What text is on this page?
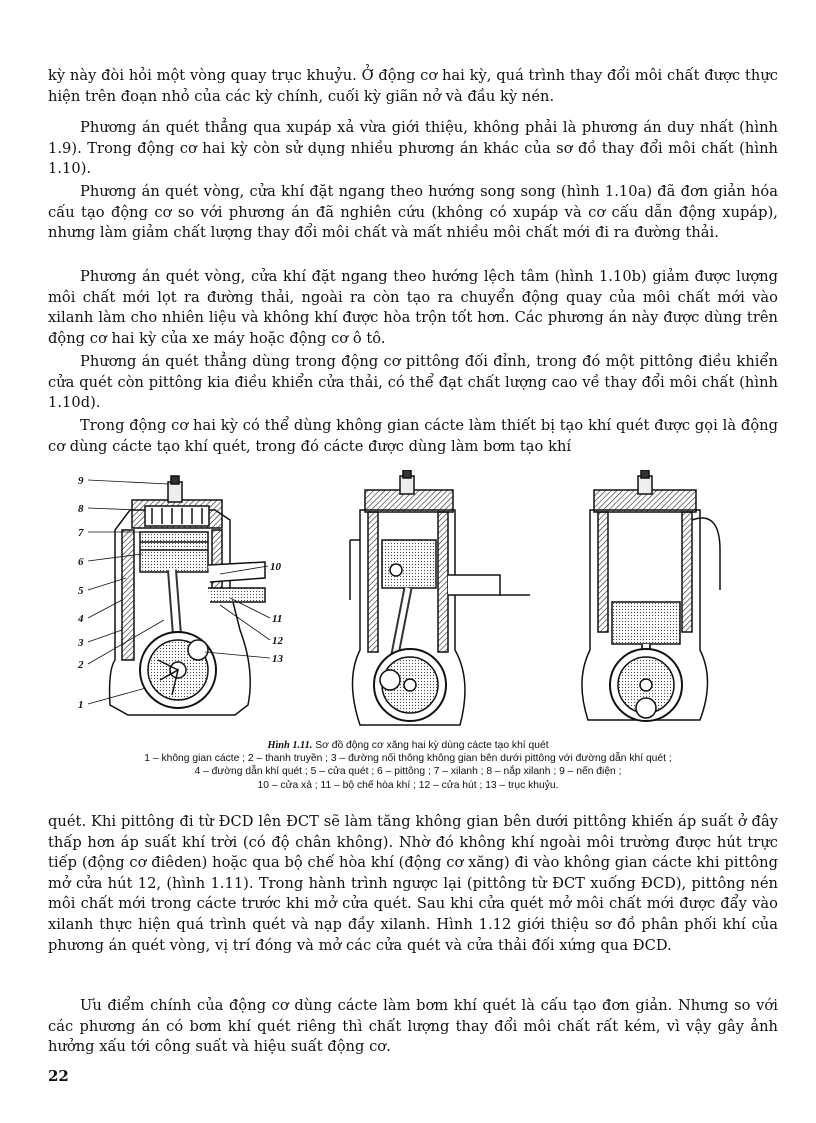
kỳ này đòi hỏi một vòng quay trục khuỷu. Ở động cơ hai kỳ, quá trình thay đổi môi chất được thực hiện trên đoạn nhỏ của các kỳ chính, cuối kỳ giãn nở và đầu kỳ nén.

Phương án quét thẳng qua xupáp xả vừa giới thiệu, không phải là phương án duy nhất (hình 1.9). Trong động cơ hai kỳ còn sử dụng nhiều phương án khác của sơ đồ thay đổi môi chất (hình 1.10).

Phương án quét vòng, cửa khí đặt ngang theo hướng song song (hình 1.10a) đã đơn giản hóa cấu tạo động cơ so với phương án đã nghiên cứu (không có xupáp và cơ cấu dẫn động xupáp), nhưng làm giảm chất lượng thay đổi môi chất và mất nhiều môi chất mới đi ra đường thải.

Phương án quét vòng, cửa khí đặt ngang theo hướng lệch tâm (hình 1.10b) giảm được lượng môi chất mới lọt ra đường thải, ngoài ra còn tạo ra chuyển động quay của môi chất mới vào xilanh làm cho nhiên liệu và không khí được hòa trộn tốt hơn. Các phương án này được dùng trên động cơ hai kỳ của xe máy hoặc động cơ ô tô.

Phương án quét thẳng dùng trong động cơ pittông đối đỉnh, trong đó một pittông điều khiển cửa quét còn pittông kia điều khiển cửa thải, có thể đạt chất lượng cao về thay đổi môi chất (hình 1.10d).

Trong động cơ hai kỳ có thể dùng không gian cácte làm thiết bị tạo khí quét được gọi là động cơ dùng cácte tạo khí quét, trong đó cácte được dùng làm bơm tạo khí

9
8
7
6
5
4
3
2
1
10
11
12
13
Hình 1.11. Sơ đồ động cơ xăng hai kỳ dùng cácte tạo khí quét
1 – không gian cácte ; 2 – thanh truyền ; 3 – đường nối thông không gian bên dưới pittông với đường dẫn khí quét ;
4 – đường dẫn khí quét ; 5 – cửa quét ; 6 – pittông ; 7 – xilanh ; 8 – nắp xilanh ; 9 – nến điện ;
10 – cửa xả ; 11 – bộ chế hòa khí ; 12 – cửa hút ; 13 – trục khuỷu.

quét. Khi pittông đi từ ĐCD lên ĐCT sẽ làm tăng không gian bên dưới pittông khiến áp suất ở đây thấp hơn áp suất khí trời (có độ chân không). Nhờ đó không khí ngoài môi trường được hút trực tiếp (động cơ điêden) hoặc qua bộ chế hòa khí (động cơ xăng) đi vào không gian cácte khi pittông mở cửa hút 12, (hình 1.11). Trong hành trình ngược lại (pittông từ ĐCT xuống ĐCD), pittông nén môi chất mới trong cácte trước khi mở cửa quét. Sau khi cửa quét mở môi chất mới được đẩy vào xilanh thực hiện quá trình quét và nạp đầy xilanh. Hình 1.12 giới thiệu sơ đồ phân phối khí của phương án quét vòng, vị trí đóng và mở các cửa quét và cửa thải đối xứng qua ĐCD.

Ưu điểm chính của động cơ dùng cácte làm bơm khí quét là cấu tạo đơn giản. Nhưng so với các phương án có bơm khí quét riêng thì chất lượng thay đổi môi chất rất kém, vì vậy gây ảnh hưởng xấu tới công suất và hiệu suất động cơ.

22
